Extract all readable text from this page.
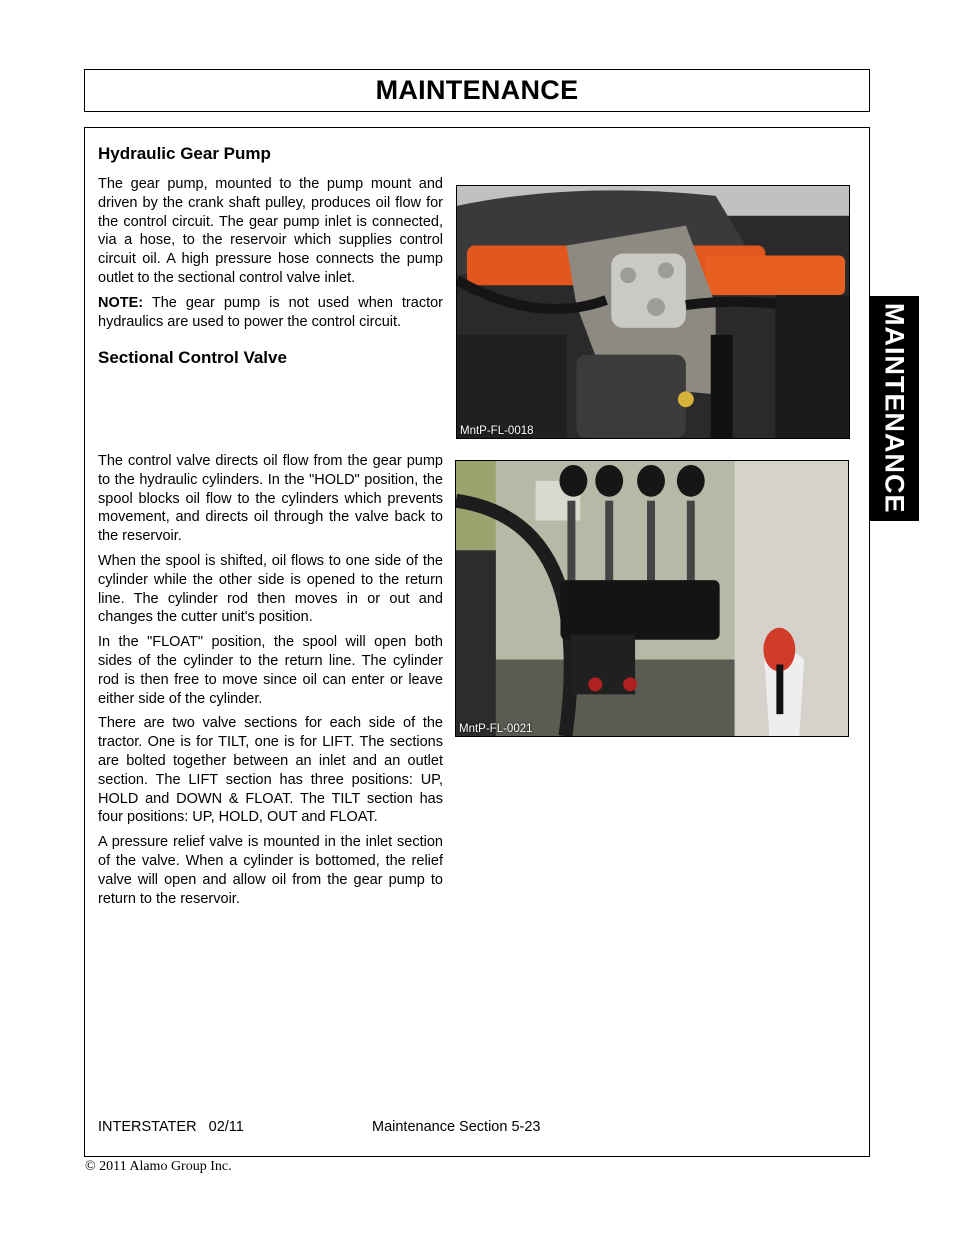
MAINTENANCE
MAINTENANCE
Hydraulic Gear Pump

The gear pump, mounted to the pump mount and driven by the crank shaft pulley, produces oil flow for the control circuit. The gear pump inlet is connected, via a hose, to the reservoir which supplies control circuit oil. A high pressure hose connects the pump outlet to the sectional control valve inlet.

NOTE: The gear pump is not used when tractor hydraulics are used to power the control circuit.

Sectional Control Valve

The control valve directs oil flow from the gear pump to the hydraulic cylinders. In the "HOLD" position, the spool blocks oil flow to the cylinders which prevents movement, and directs oil through the valve back to the reservoir.

When the spool is shifted, oil flows to one side of the cylinder while the other side is opened to the return line. The cylinder rod then moves in or out and changes the cutter unit's position.

In the "FLOAT" position, the spool will open both sides of the cylinder to the return line. The cylinder rod is then free to move since oil can enter or leave either side of the cylinder.

There are two valve sections for each side of the tractor. One is for TILT, one is for LIFT. The sections are bolted together between an inlet and an outlet section. The LIFT section has three positions: UP, HOLD and DOWN & FLOAT. The TILT section has four positions: UP, HOLD, OUT and FLOAT.

A pressure relief valve is mounted in the inlet section of the valve. When a cylinder is bottomed, the relief valve will open and allow oil from the gear pump to return to the reservoir.

MntP-FL-0018
MntP-FL-0021
INTERSTATER   02/11	Maintenance Section 5-23
© 2011 Alamo Group Inc.
